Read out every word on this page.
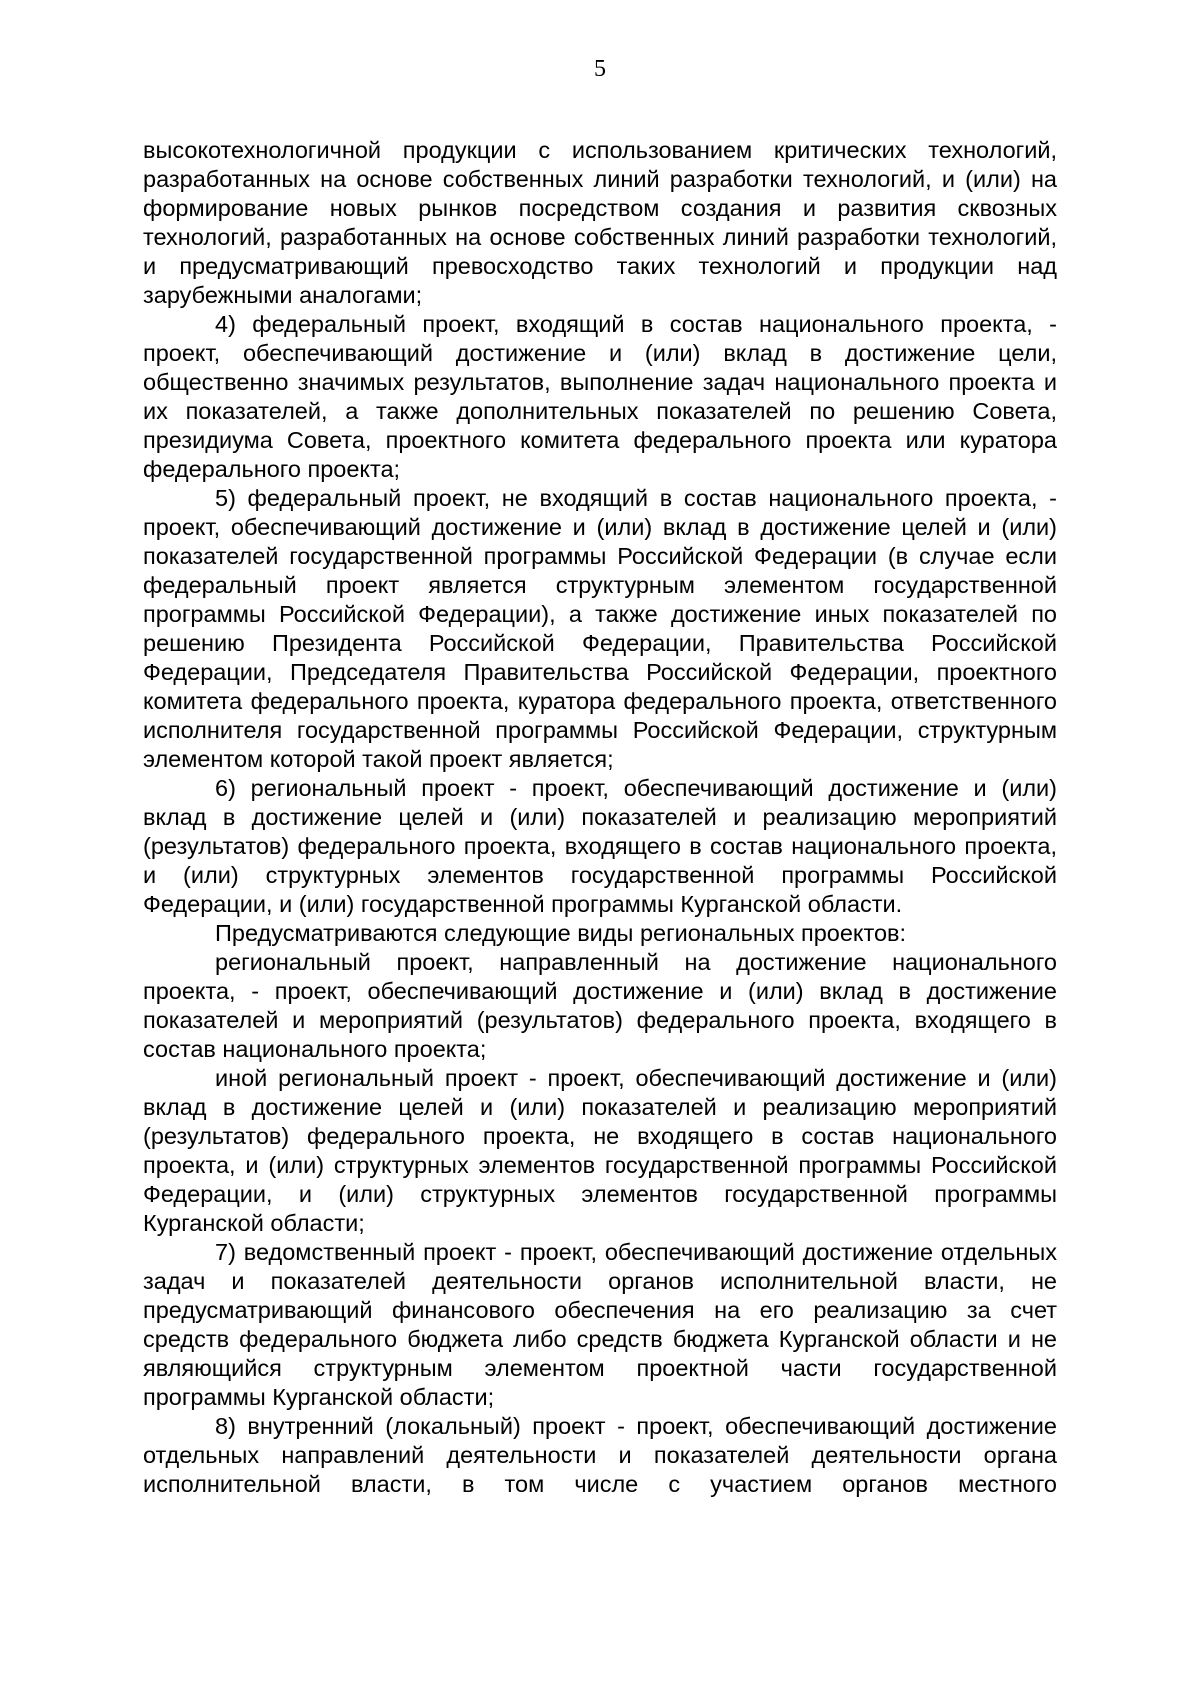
5

высокотехнологичной продукции с использованием критических технологий, разработанных на основе собственных линий разработки технологий, и (или) на формирование новых рынков посредством создания и развития сквозных технологий, разработанных на основе собственных линий разработки технологий, и предусматривающий превосходство таких технологий и продукции над зарубежными аналогами;

4) федеральный проект, входящий в состав национального проекта, - проект, обеспечивающий достижение и (или) вклад в достижение цели, общественно значимых результатов, выполнение задач национального проекта и их показателей, а также дополнительных показателей по решению Совета, президиума Совета, проектного комитета федерального проекта или куратора федерального проекта;

5) федеральный проект, не входящий в состав национального проекта, - проект, обеспечивающий достижение и (или) вклад в достижение целей и (или) показателей государственной программы Российской Федерации (в случае если федеральный проект является структурным элементом государственной программы Российской Федерации), а также достижение иных показателей по решению Президента Российской Федерации, Правительства Российской Федерации, Председателя Правительства Российской Федерации, проектного комитета федерального проекта, куратора федерального проекта, ответственного исполнителя государственной программы Российской Федерации, структурным элементом которой такой проект является;

6) региональный проект - проект, обеспечивающий достижение и (или) вклад в достижение целей и (или) показателей и реализацию мероприятий (результатов) федерального проекта, входящего в состав национального проекта, и (или) структурных элементов государственной программы Российской Федерации, и (или) государственной программы Курганской области.

Предусматриваются следующие виды региональных проектов:

региональный проект, направленный на достижение национального проекта, - проект, обеспечивающий достижение и (или) вклад в достижение показателей и мероприятий (результатов) федерального проекта, входящего в состав национального проекта;

иной региональный проект - проект, обеспечивающий достижение и (или) вклад в достижение целей и (или) показателей и реализацию мероприятий (результатов) федерального проекта, не входящего в состав национального проекта, и (или) структурных элементов государственной программы Российской Федерации, и (или) структурных элементов государственной программы Курганской области;

7) ведомственный проект - проект, обеспечивающий достижение отдельных задач и показателей деятельности органов исполнительной власти, не предусматривающий финансового обеспечения на его реализацию за счет средств федерального бюджета либо средств бюджета Курганской области и не являющийся структурным элементом проектной части государственной программы Курганской области;

8) внутренний (локальный) проект - проект, обеспечивающий достижение отдельных направлений деятельности и показателей деятельности органа исполнительной власти, в том числе с участием органов местного
